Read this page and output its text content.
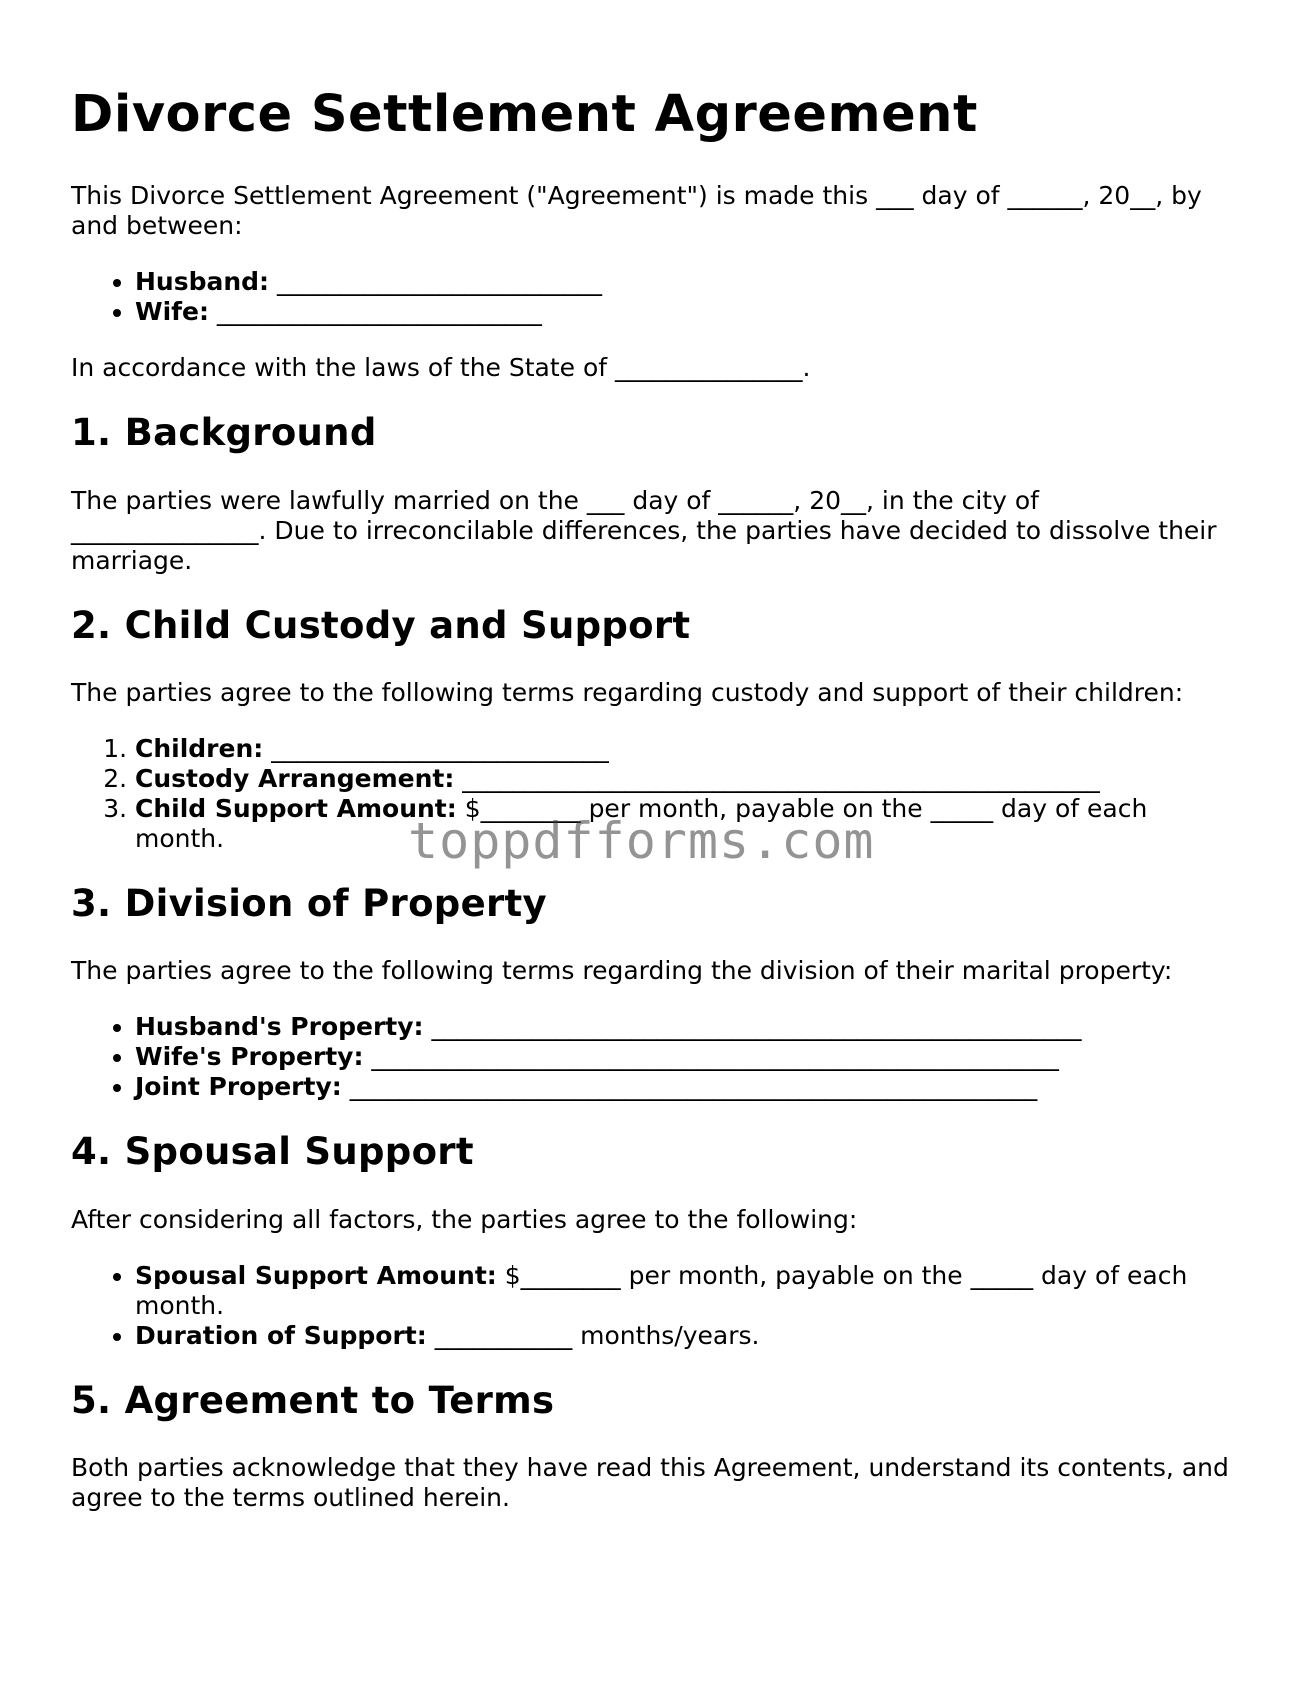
Divorce Settlement Agreement

This Divorce Settlement Agreement ("Agreement") is made this ___ day of ______, 20__, by and between:

• Husband: __________________________
• Wife: __________________________

In accordance with the laws of the State of _______________.

1. Background

The parties were lawfully married on the ___ day of ______, 20__, in the city of _______________. Due to irreconcilable differences, the parties have decided to dissolve their marriage.

2. Child Custody and Support

The parties agree to the following terms regarding custody and support of their children:

1. Children: ___________________________
2. Custody Arrangement: ___________________________________________________
3. Child Support Amount: $________ per month, payable on the _____ day of each month.
3. Division of Property

The parties agree to the following terms regarding the division of their marital property:

• Husband's Property: ____________________________________________________
• Wife's Property: _______________________________________________________
• Joint Property: _______________________________________________________
4. Spousal Support

After considering all factors, the parties agree to the following:

• Spousal Support Amount: $________ per month, payable on the _____ day of each month.
• Duration of Support: ___________ months/years.
5. Agreement to Terms

Both parties acknowledge that they have read this Agreement, understand its contents, and agree to the terms outlined herein.

toppdfforms.com
